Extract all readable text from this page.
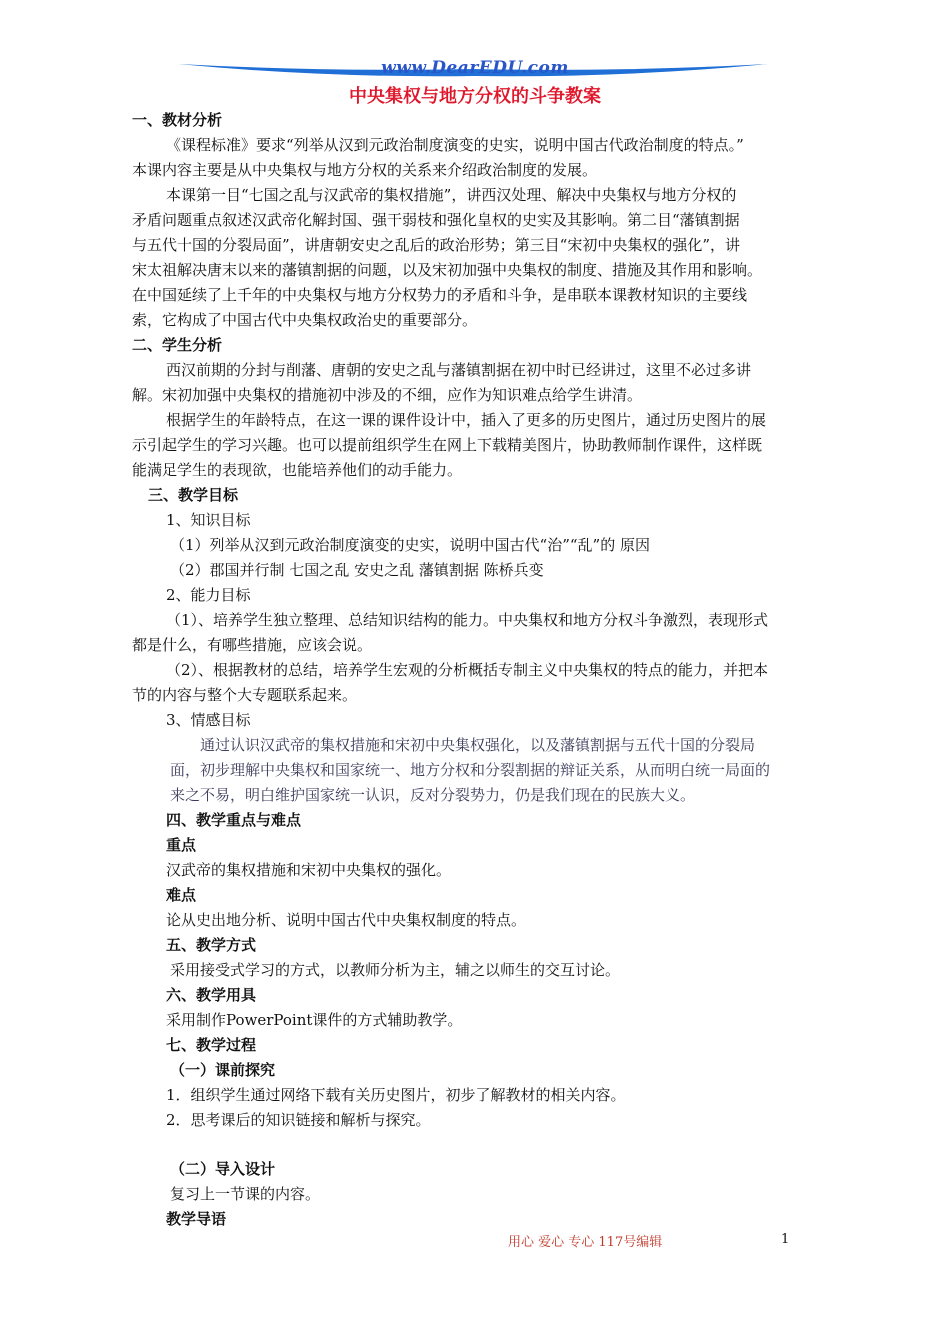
www.DearEDU.com
中央集权与地方分权的斗争教案
一、教材分析
《课程标准》要求“列举从汉到元政治制度演变的史实，说明中国古代政治制度的特点。”
本课内容主要是从中央集权与地方分权的关系来介绍政治制度的发展。
本课第一目“七国之乱与汉武帝的集权措施”，讲西汉处理、解决中央集权与地方分权的
矛盾问题重点叙述汉武帝化解封国、强干弱枝和强化皇权的史实及其影响。第二目“藩镇割据
与五代十国的分裂局面”，讲唐朝安史之乱后的政治形势；第三目“宋初中央集权的强化”，讲
宋太祖解决唐末以来的藩镇割据的问题，以及宋初加强中央集权的制度、措施及其作用和影响。
在中国延续了上千年的中央集权与地方分权势力的矛盾和斗争，是串联本课教材知识的主要线
索，它构成了中国古代中央集权政治史的重要部分。
二、学生分析
西汉前期的分封与削藩、唐朝的安史之乱与藩镇割据在初中时已经讲过，这里不必过多讲
解。宋初加强中央集权的措施初中涉及的不细，应作为知识难点给学生讲清。
根据学生的年龄特点，在这一课的课件设计中，插入了更多的历史图片，通过历史图片的展
示引起学生的学习兴趣。也可以提前组织学生在网上下载精美图片，协助教师制作课件，这样既
能满足学生的表现欲，也能培养他们的动手能力。
三、教学目标
1、知识目标
（1）列举从汉到元政治制度演变的史实，说明中国古代“治”“乱”的 原因
（2）郡国并行制 七国之乱 安史之乱 藩镇割据 陈桥兵变
2、能力目标
（1）、培养学生独立整理、总结知识结构的能力。中央集权和地方分权斗争激烈，表现形式
都是什么，有哪些措施，应该会说。
（2）、根据教材的总结，培养学生宏观的分析概括专制主义中央集权的特点的能力，并把本
节的内容与整个大专题联系起来。
3、情感目标
通过认识汉武帝的集权措施和宋初中央集权强化，以及藩镇割据与五代十国的分裂局
面，初步理解中央集权和国家统一、地方分权和分裂割据的辩证关系，从而明白统一局面的
来之不易，明白维护国家统一认识，反对分裂势力，仍是我们现在的民族大义。
四、教学重点与难点
重点
汉武帝的集权措施和宋初中央集权的强化。
难点
论从史出地分析、说明中国古代中央集权制度的特点。
五、教学方式
采用接受式学习的方式，以教师分析为主，辅之以师生的交互讨论。
六、教学用具
采用制作PowerPoint课件的方式辅助教学。
七、教学过程
（一）课前探究
1．组织学生通过网络下载有关历史图片，初步了解教材的相关内容。
2．思考课后的知识链接和解析与探究。
（二）导入设计
复习上一节课的内容。
教学导语
用心 爱心 专心 117号编辑	1
